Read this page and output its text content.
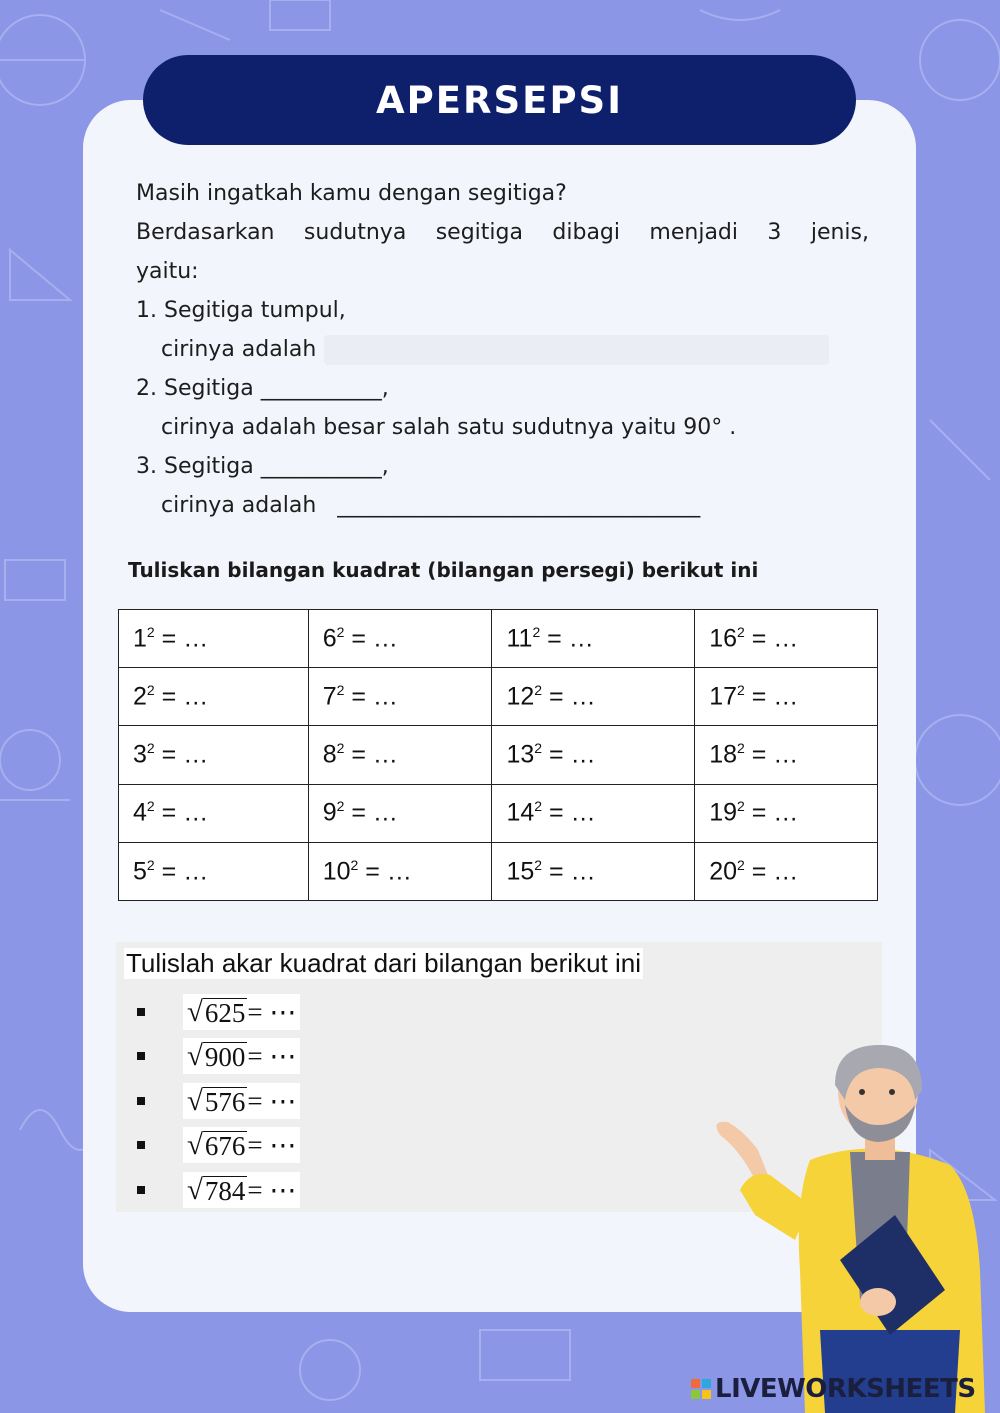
APERSEPSI
Masih ingatkah kamu dengan segitiga?
Berdasarkan sudutnya segitiga dibagi menjadi 3 jenis,
yaitu:
1. Segitiga tumpul,
cirinya adalah
2. Segitiga ___________,
cirinya adalah besar salah satu sudutnya yaitu 90° .
3. Segitiga ___________,
cirinya adalah _________________________________
Tuliskan bilangan kuadrat (bilangan persegi) berikut ini
$1^2$ = …	$6^2$ = …	$11^2$ = …	$16^2$ = …
$2^2$ = …	$7^2$ = …	$12^2$ = …	$17^2$ = …
$3^2$ = …	$8^2$ = …	$13^2$ = …	$18^2$ = …
$4^2$ = …	$9^2$ = …	$14^2$ = …	$19^2$ = …
$5^2$ = …	$10^2$ = …	$15^2$ = …	$20^2$ = …
Tulislah akar kuadrat dari bilangan berikut ini
√ 625 = ⋯
√ 900 = ⋯
√ 576 = ⋯
√ 676 = ⋯
√ 784 = ⋯
LIVEWORKSHEETS
